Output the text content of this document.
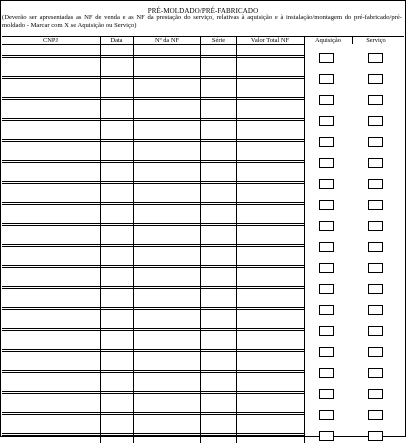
PRÉ-MOLDADO/PRÉ-FABRICADO
(Deverão ser apresentadas as NF de venda e as NF da prestação do serviço, relativas à aquisição e à instalação/montagem do pré-fabricado/pré-moldado - Marcar com X se Aquisição ou Serviço)
CNPJ	Data	Nº da NF	Série	Valor Total NF	Aquisição	Serviço
